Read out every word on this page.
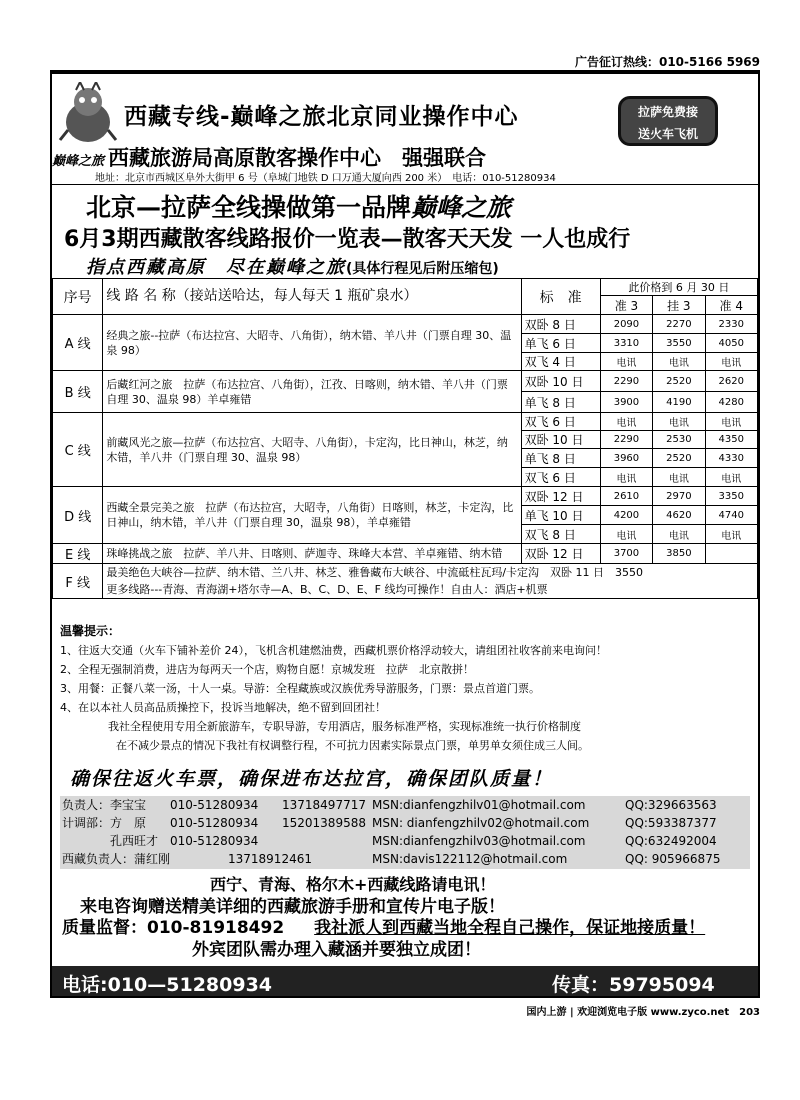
广告征订热线：010-5166 5969
西藏专线-巅峰之旅北京同业操作中心
巅峰之旅 西藏旅游局高原散客操作中心　强强联合
拉萨免费接
送火车飞机
地址：北京市西城区阜外大街甲 6 号（阜城门地铁 D 口万通大厦向西 200 米）　电话：010-51280934
北京—拉萨全线操做第一品牌巅峰之旅
6月3期西藏散客线路报价一览表—散客天天发 一人也成行
指点西藏高原　尽在巅峰之旅(具体行程见后附压缩包)
序号	线 路 名 称（接站送哈达，每人每天 1 瓶矿泉水）	标　准	此价格到 6 月 30 日		
			准 3	挂 3	准 4
A 线	经典之旅--拉萨（布达拉宫、大昭寺、八角街），纳木错、羊八井（门票自理 30、温泉 98）	双卧 8 日	2090	2270	2330
		单飞 6 日	3310	3550	4050
		双飞 4 日	电讯	电讯	电讯
B 线	后藏红河之旅　拉萨（布达拉宫、八角街），江孜、日喀则，纳木错、羊八井（门票自理 30、温泉 98）羊卓雍错	双卧 10 日	2290	2520	2620
		单飞 8 日	3900	4190	4280
C 线	前藏风光之旅—拉萨（布达拉宫、大昭寺、八角街），卡定沟，比日神山，林芝，纳木错，羊八井（门票自理 30、温泉 98）	双飞 6 日	电讯	电讯	电讯
		双卧 10 日	2290	2530	4350
		单飞 8 日	3960	2520	4330
		双飞 6 日	电讯	电讯	电讯
D 线	西藏全景完美之旅　拉萨（布达拉宫，大昭寺，八角街）日喀则，林芝，卡定沟，比日神山，纳木错，羊八井（门票自理 30，温泉 98），羊卓雍错	双卧 12 日	2610	2970	3350
		单飞 10 日	4200	4620	4740
		双飞 8 日	电讯	电讯	电讯
E 线	珠峰挑战之旅　拉萨、羊八井、日喀则、萨迦寺、珠峰大本营、羊卓雍错、纳木错	双卧 12 日	3700	3850	
F 线	最美绝色大峡谷—拉萨、纳木错、兰八井、林芝、雅鲁藏布大峡谷、中流砥柱瓦玛/卡定沟　双卧 11 日　3550
更多线路---青海、青海湖+塔尔寺—A、B、C、D、E、F 线均可操作！自由人：酒店+机票				
温馨提示：
1、往返大交通（火车下铺补差价 24），飞机含机建燃油费，西藏机票价格浮动较大，请组团社收客前来电询问！
2、全程无强制消费，进店为每两天一个店，购物自愿！京城发班　拉萨　北京散拼！
3、用餐：正餐八菜一汤，十人一桌。导游：全程藏族或汉族优秀导游服务，门票：景点首道门票。
4、在以本社人员高品质操控下，投诉当地解决，绝不留到回团社！
我社全程使用专用全新旅游车，专职导游，专用酒店，服务标准严格，实现标准统一执行价格制度
在不减少景点的情况下我社有权调整行程，不可抗力因素实际景点门票，单男单女须住成三人间。
确保往返火车票，确保进布达拉宫，确保团队质量！
负责人：李宝宝 010-51280934 13718497717 MSN:dianfengzhilv01@hotmail.com	QQ:329663563
计调部：方　原 010-51280934 15201389588 MSN: dianfengzhilv02@hotmail.com	QQ:593387377
　　　　孔西旺才 010-51280934	MSN:dianfengzhilv03@hotmail.com	QQ:632492004
西藏负责人：蒲红刚	13718912461	MSN:davis122112@hotmail.com	QQ: 905966875
西宁、青海、格尔木+西藏线路请电讯！
来电咨询赠送精美详细的西藏旅游手册和宣传片电子版！
质量监督：010-81918492 我社派人到西藏当地全程自己操作，保证地接质量！
外宾团队需办理入藏涵并要独立成团！
电话:010—51280934	传真：59795094
国内上游 | 欢迎浏览电子版 www.zyco.net　203
